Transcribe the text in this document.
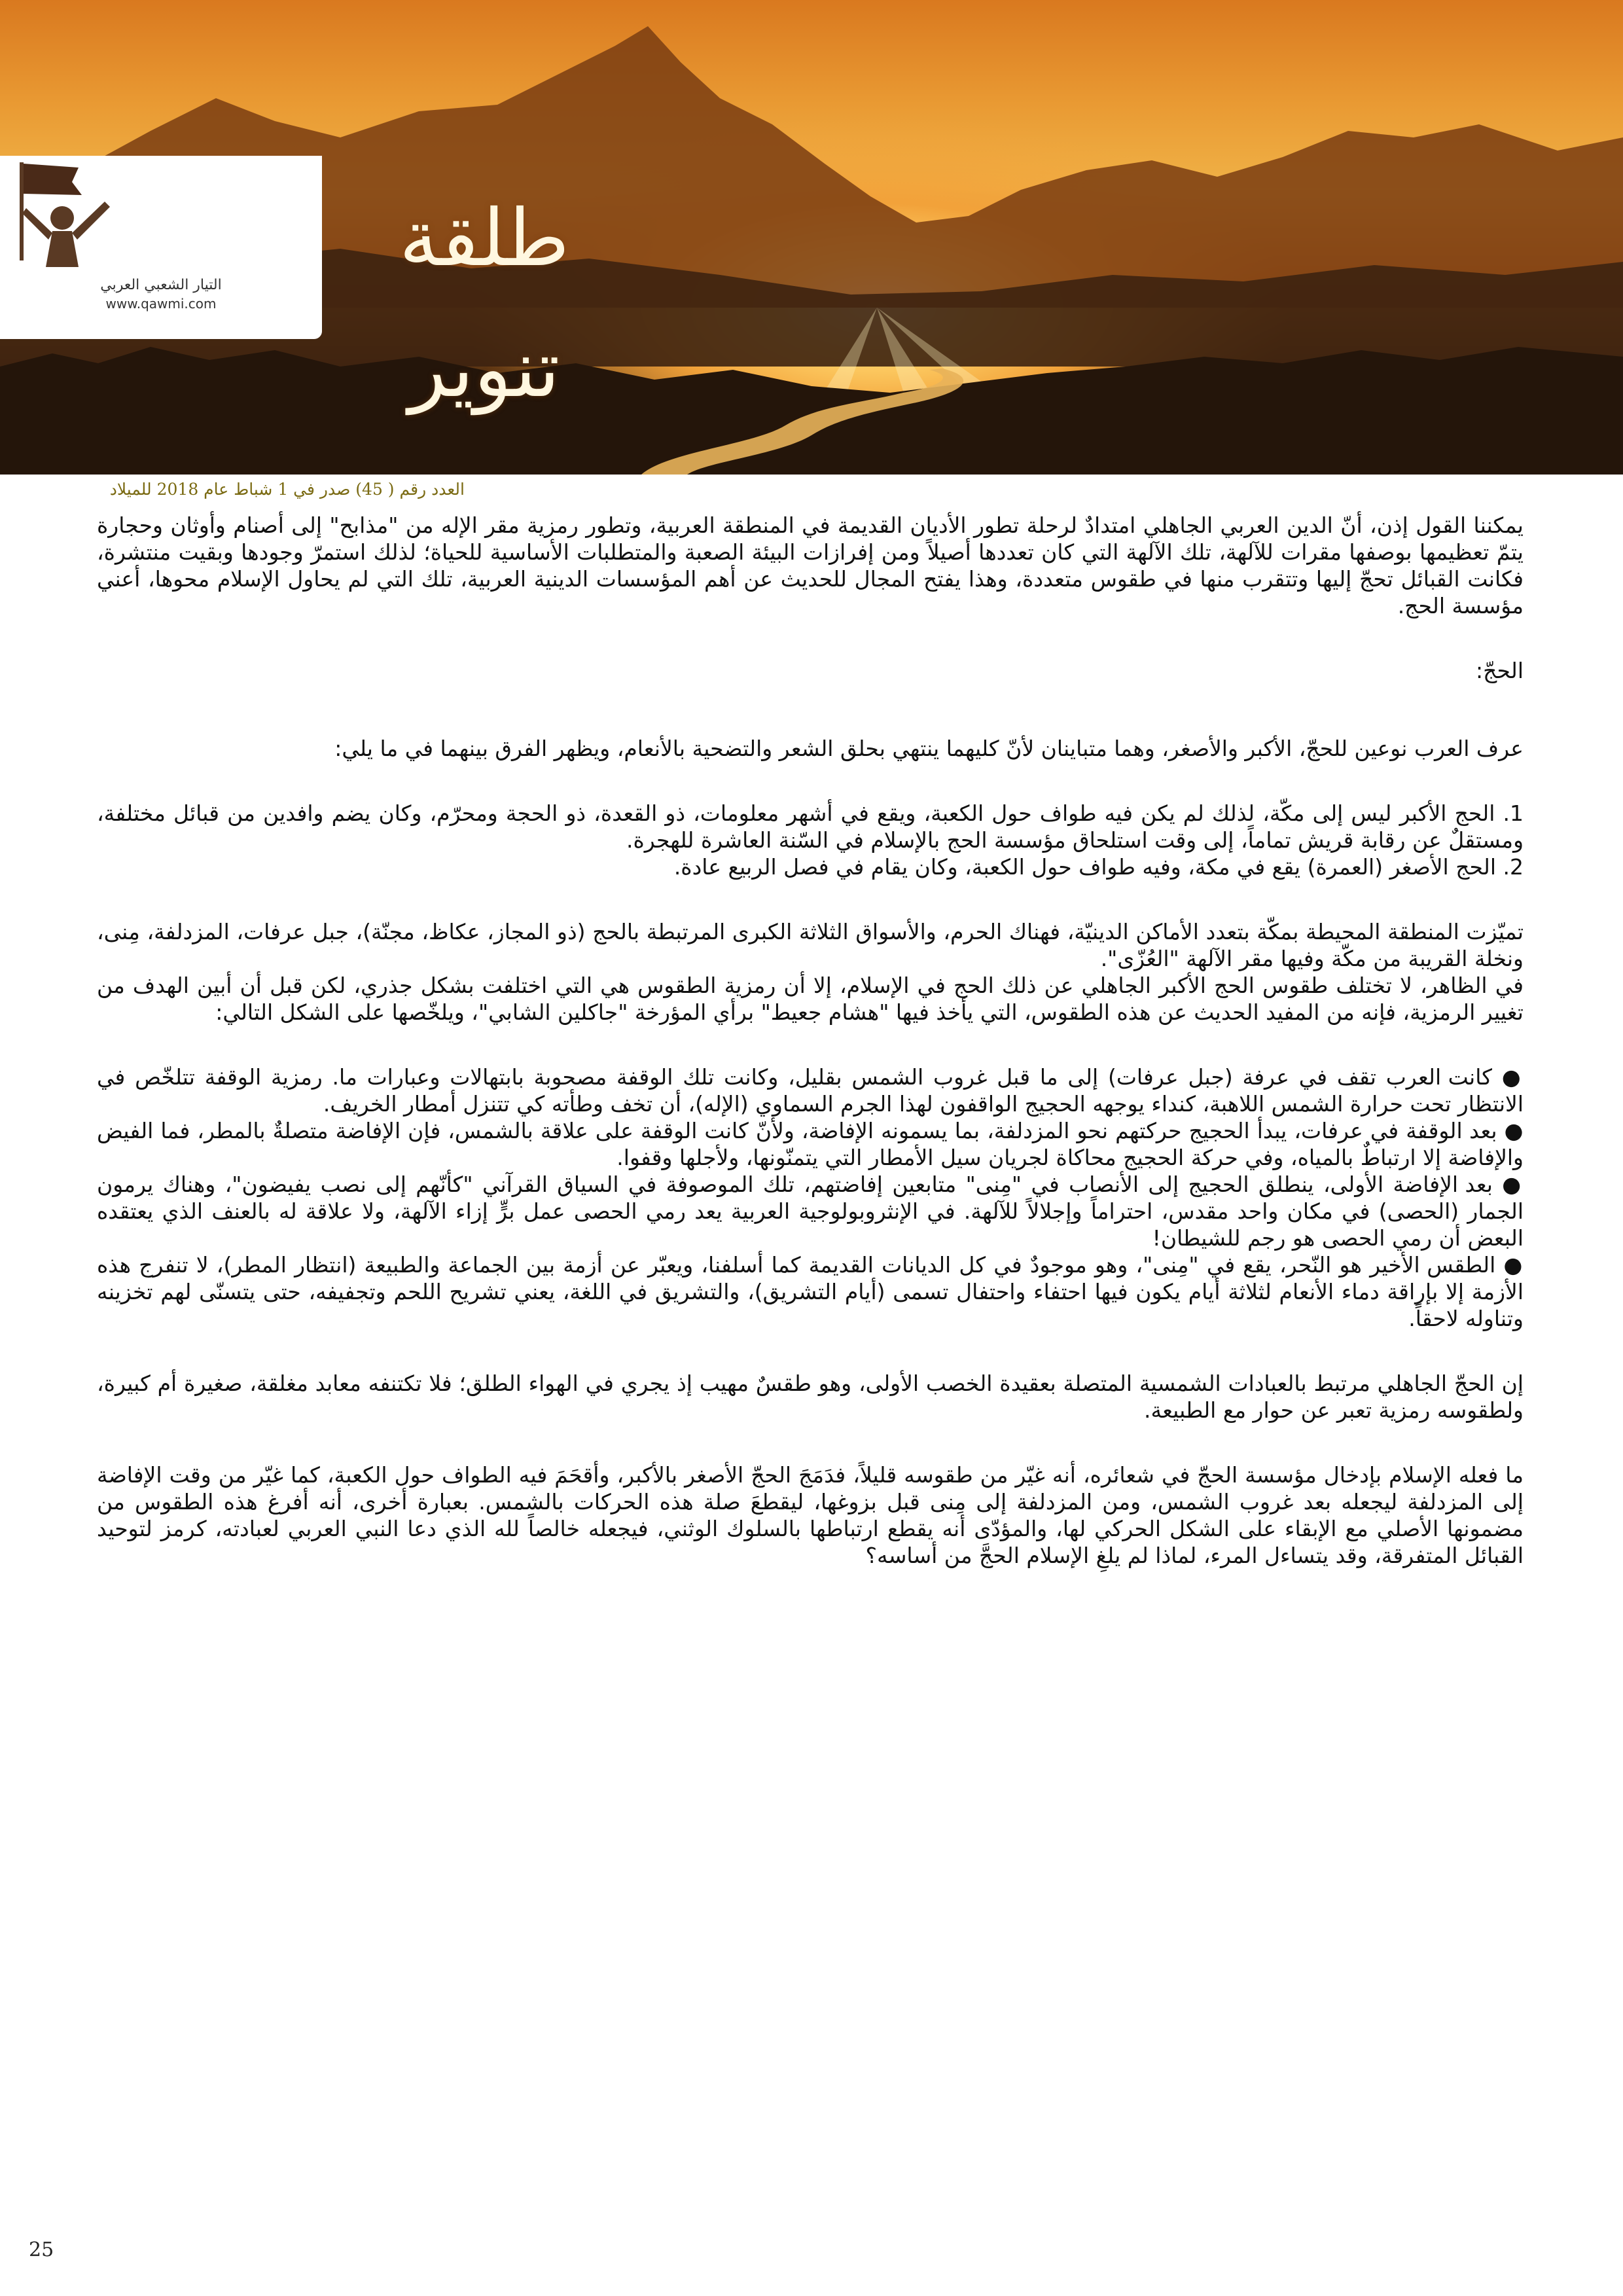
التيار الشعبي العربي
www.qawmi.com
طلقة تنوير
العدد رقم ( 45) صدر في 1 شباط عام 2018 للميلاد

يمكننا القول إذن، أنّ الدين العربي الجاهلي امتدادٌ لرحلة تطور الأديان القديمة في المنطقة العربية، وتطور رمزية مقر الإله من "مذابح" إلى أصنام وأوثان وحجارة يتمّ تعظيمها بوصفها مقرات للآلهة، تلك الآلهة التي كان تعددها أصيلاً ومن إفرازات البيئة الصعبة والمتطلبات الأساسية للحياة؛ لذلك استمرّ وجودها وبقيت منتشرة، فكانت القبائل تحجّ إليها وتتقرب منها في طقوس متعددة، وهذا يفتح المجال للحديث عن أهم المؤسسات الدينية العربية، تلك التي لم يحاول الإسلام محوها، أعني مؤسسة الحج.

الحجّ:

عرف العرب نوعين للحجّ، الأكبر والأصغر، وهما متباينان لأنّ كليهما ينتهي بحلق الشعر والتضحية بالأنعام، ويظهر الفرق بينهما في ما يلي:

1. الحج الأكبر ليس إلى مكّة، لذلك لم يكن فيه طواف حول الكعبة، ويقع في أشهر معلومات، ذو القعدة، ذو الحجة ومحرّم، وكان يضم وافدين من قبائل مختلفة، ومستقلٌ عن رقابة قريش تماماً، إلى وقت استلحاق مؤسسة الحج بالإسلام في السّنة العاشرة للهجرة.

2. الحج الأصغر (العمرة) يقع في مكة، وفيه طواف حول الكعبة، وكان يقام في فصل الربيع عادة.

تميّزت المنطقة المحيطة بمكّة بتعدد الأماكن الدينيّة، فهناك الحرم، والأسواق الثلاثة الكبرى المرتبطة بالحج (ذو المجاز، عكاظ، مجنّة)، جبل عرفات، المزدلفة، مِنى، ونخلة القريبة من مكّة وفيها مقر الآلهة "العُزّى".

في الظاهر، لا تختلف طقوس الحج الأكبر الجاهلي عن ذلك الحج في الإسلام، إلا أن رمزية الطقوس هي التي اختلفت بشكل جذري، لكن قبل أن أبين الهدف من تغيير الرمزية، فإنه من المفيد الحديث عن هذه الطقوس، التي يأخذ فيها "هشام جعيط" برأي المؤرخة "جاكلين الشابي"، ويلخّصها على الشكل التالي:

● كانت العرب تقف في عرفة (جبل عرفات) إلى ما قبل غروب الشمس بقليل، وكانت تلك الوقفة مصحوبة بابتهالات وعبارات ما. رمزية الوقفة تتلخّص في الانتظار تحت حرارة الشمس اللاهبة، كنداء يوجهه الحجيج الواقفون لهذا الجرم السماوي (الإله)، أن تخف وطأته كي تتنزل أمطار الخريف.

● بعد الوقفة في عرفات، يبدأ الحجيج حركتهم نحو المزدلفة، بما يسمونه الإفاضة، ولأنّ كانت الوقفة على علاقة بالشمس، فإن الإفاضة متصلةٌ بالمطر، فما الفيض والإفاضة إلا ارتباطٌ بالمياه، وفي حركة الحجيج محاكاة لجريان سيل الأمطار التي يتمنّونها، ولأجلها وقفوا.

● بعد الإفاضة الأولى، ينطلق الحجيج إلى الأنصاب في "مِنى" متابعين إفاضتهم، تلك الموصوفة في السياق القرآني "كأنّهم إلى نصب يفيضون"، وهناك يرمون الجمار (الحصى) في مكان واحد مقدس، احتراماً وإجلالاً للآلهة. في الإنثروبولوجية العربية يعد رمي الحصى عمل برٍّ إزاء الآلهة، ولا علاقة له بالعنف الذي يعتقده البعض أن رمي الحصى هو رجم للشيطان!

● الطقس الأخير هو النّحر، يقع في "مِنى"، وهو موجودٌ في كل الديانات القديمة كما أسلفنا، ويعبّر عن أزمة بين الجماعة والطبيعة (انتظار المطر)، لا تنفرج هذه الأزمة إلا بإراقة دماء الأنعام لثلاثة أيام يكون فيها احتفاء واحتفال تسمى (أيام التشريق)، والتشريق في اللغة، يعني تشريح اللحم وتجفيفه، حتى يتسنّى لهم تخزينه وتناوله لاحقاً.

إن الحجّ الجاهلي مرتبط بالعبادات الشمسية المتصلة بعقيدة الخصب الأولى، وهو طقسٌ مهيب إذ يجري في الهواء الطلق؛ فلا تكتنفه معابد مغلقة، صغيرة أم كبيرة، ولطقوسه رمزية تعبر عن حوار مع الطبيعة.

ما فعله الإسلام بإدخال مؤسسة الحجّ في شعائره، أنه غيّر من طقوسه قليلاً، فدَمَجَ الحجّ الأصغر بالأكبر، وأقحَمَ فيه الطواف حول الكعبة، كما غيّر من وقت الإفاضة إلى المزدلفة ليجعله بعد غروب الشمس، ومن المزدلفة إلى مِنى قبل بزوغها، ليقطعَ صلة هذه الحركات بالشمس. بعبارة أخرى، أنه أفرغ هذه الطقوس من مضمونها الأصلي مع الإبقاء على الشكل الحركي لها، والمؤدّى أنه يقطع ارتباطها بالسلوك الوثني، فيجعله خالصاً لله الذي دعا النبي العربي لعبادته، كرمز لتوحيد القبائل المتفرقة، وقد يتساءل المرء، لماذا لم يلغِ الإسلام الحجَّ من أساسه؟

25
